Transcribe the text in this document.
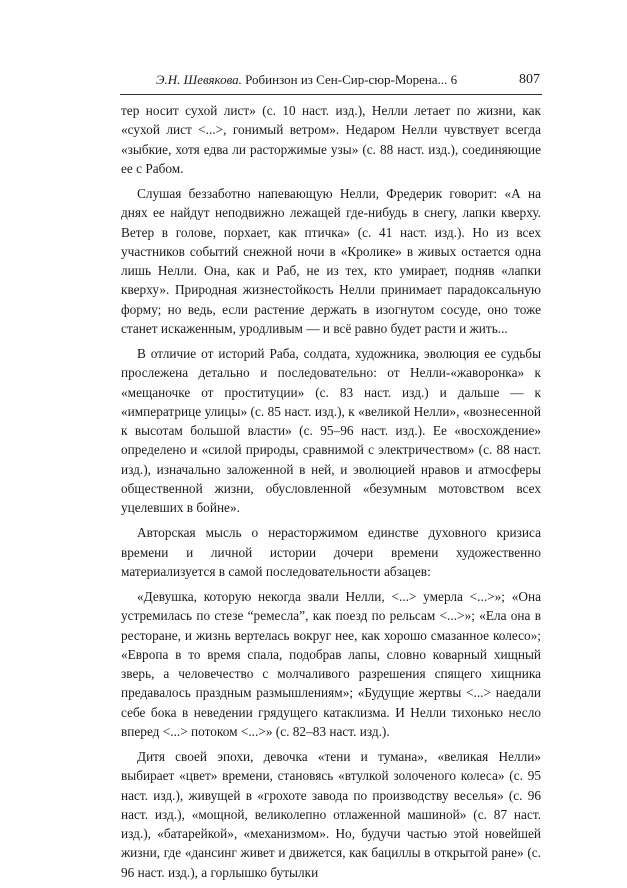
Э.Н. Шевякова. Робинзон из Сен-Сир-сюр-Морена... 6	807

тер носит сухой лист» (с. 10 наст. изд.), Нелли летает по жизни, как «сухой лист <...>, гонимый ветром». Недаром Нелли чувствует всегда «зыбкие, хотя едва ли расторжимые узы» (с. 88 наст. изд.), соединяющие ее с Рабом.

Слушая беззаботно напевающую Нелли, Фредерик говорит: «А на днях ее найдут неподвижно лежащей где-нибудь в снегу, лапки кверху. Ветер в голове, порхает, как птичка» (с. 41 наст. изд.). Но из всех участников событий снежной ночи в «Кролике» в живых остается одна лишь Нелли. Она, как и Раб, не из тех, кто умирает, подняв «лапки кверху». Природная жизнестойкость Нелли принимает парадоксальную форму; но ведь, если растение держать в изогнутом сосуде, оно тоже станет искаженным, уродливым — и всё равно будет расти и жить...

В отличие от историй Раба, солдата, художника, эволюция ее судьбы прослежена детально и последовательно: от Нелли-«жаворонка» к «мещаночке от проституции» (с. 83 наст. изд.) и дальше — к «императрице улицы» (с. 85 наст. изд.), к «великой Нелли», «вознесенной к высотам большой власти» (с. 95–96 наст. изд.). Ее «восхождение» определено и «силой природы, сравнимой с электричеством» (с. 88 наст. изд.), изначально заложенной в ней, и эволюцией нравов и атмосферы общественной жизни, обусловленной «безумным мотовством всех уцелевших в бойне».

Авторская мысль о нерасторжимом единстве духовного кризиса времени и личной истории дочери времени художественно материализуется в самой последовательности абзацев:

«Девушка, которую некогда звали Нелли, <...> умерла <...>»; «Она устремилась по стезе “ремесла”, как поезд по рельсам <...>»; «Ела она в ресторане, и жизнь вертелась вокруг нее, как хорошо смазанное колесо»; «Европа в то время спала, подобрав лапы, словно коварный хищный зверь, а человечество с молчаливого разрешения спящего хищника предавалось праздным размышлениям»; «Будущие жертвы <...> наедали себе бока в неведении грядущего катаклизма. И Нелли тихонько несло вперед <...> потоком <...>» (с. 82–83 наст. изд.).

Дитя своей эпохи, девочка «тени и тумана», «великая Нелли» выбирает «цвет» времени, становясь «втулкой золоченого колеса» (с. 95 наст. изд.), живущей в «грохоте завода по производству веселья» (с. 96 наст. изд.), «мощной, великолепно отлаженной машиной» (с. 87 наст. изд.), «батарейкой», «механизмом». Но, будучи частью этой новейшей жизни, где «дансинг живет и движется, как бациллы в открытой ране» (с. 96 наст. изд.), а горлышко бутылки
